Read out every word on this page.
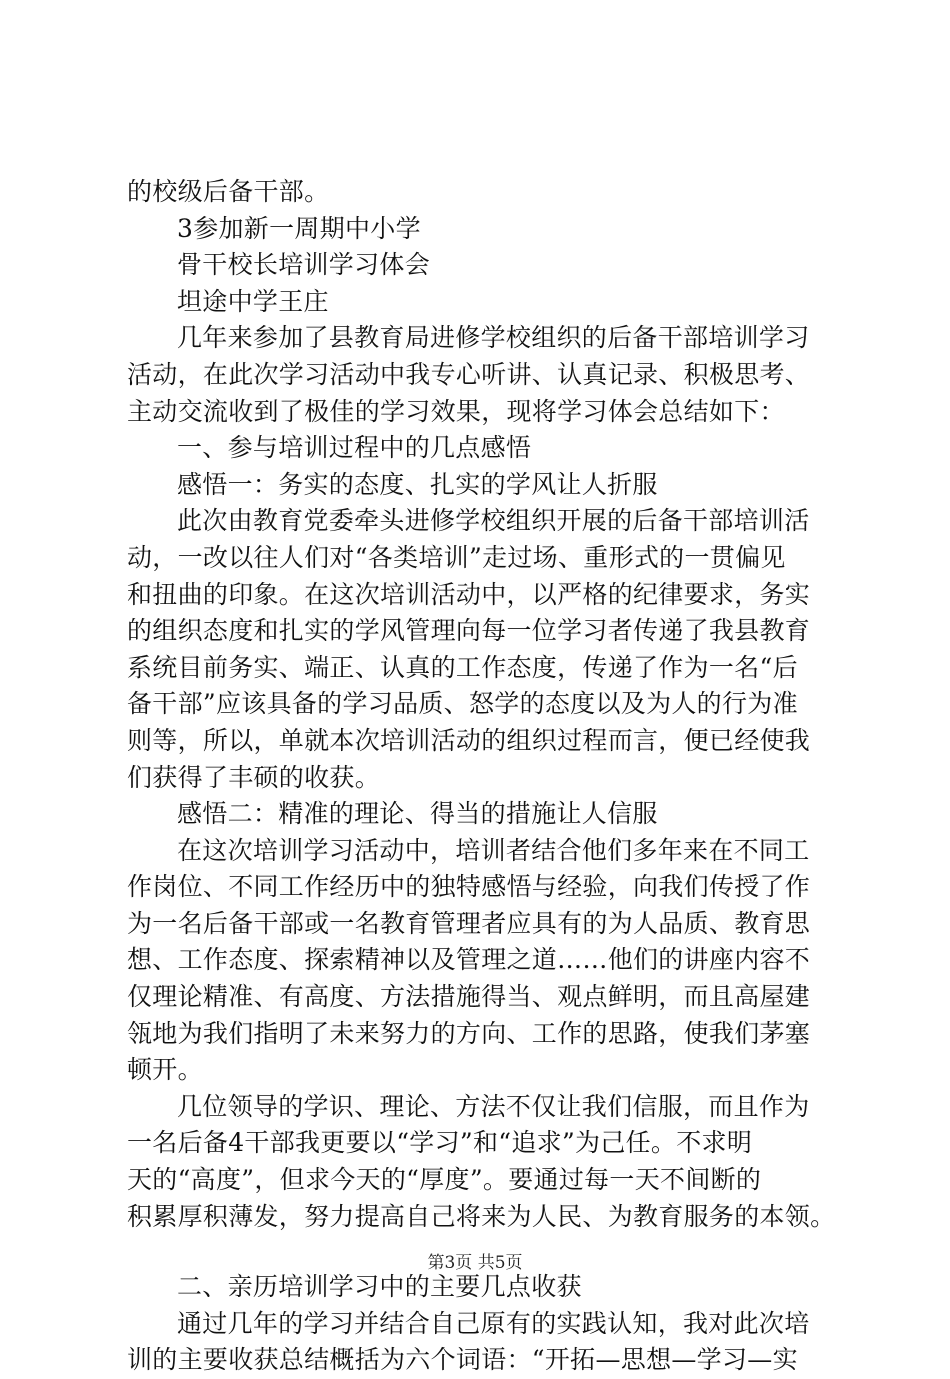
的校级后备干部。
3参加新一周期中小学
骨干校长培训学习体会
坦途中学王庄
几年来参加了县教育局进修学校组织的后备干部培训学习
活动，在此次学习活动中我专心听讲、认真记录、积极思考、
主动交流收到了极佳的学习效果，现将学习体会总结如下：
一、参与培训过程中的几点感悟
感悟一：务实的态度、扎实的学风让人折服
此次由教育党委牵头进修学校组织开展的后备干部培训活
动，一改以往人们对“各类培训”走过场、重形式的一贯偏见
和扭曲的印象。在这次培训活动中，以严格的纪律要求，务实
的组织态度和扎实的学风管理向每一位学习者传递了我县教育
系统目前务实、端正、认真的工作态度，传递了作为一名“后
备干部”应该具备的学习品质、怒学的态度以及为人的行为准
则等，所以，单就本次培训活动的组织过程而言，便已经使我
们获得了丰硕的收获。
感悟二：精准的理论、得当的措施让人信服
在这次培训学习活动中，培训者结合他们多年来在不同工
作岗位、不同工作经历中的独特感悟与经验，向我们传授了作
为一名后备干部或一名教育管理者应具有的为人品质、教育思
想、工作态度、探索精神以及管理之道……他们的讲座内容不
仅理论精准、有高度、方法措施得当、观点鲜明，而且高屋建
瓴地为我们指明了未来努力的方向、工作的思路，使我们茅塞
顿开。
几位领导的学识、理论、方法不仅让我们信服，而且作为
一名后备4干部我更要以“学习”和“追求”为己任。不求明
天的“高度”，但求今天的“厚度”。要通过每一天不间断的
积累厚积薄发，努力提高自己将来为人民、为教育服务的本领。
二、亲历培训学习中的主要几点收获
通过几年的学习并结合自己原有的实践认知，我对此次培
训的主要收获总结概括为六个词语：“开拓—思想—学习—实
第3页 共5页
